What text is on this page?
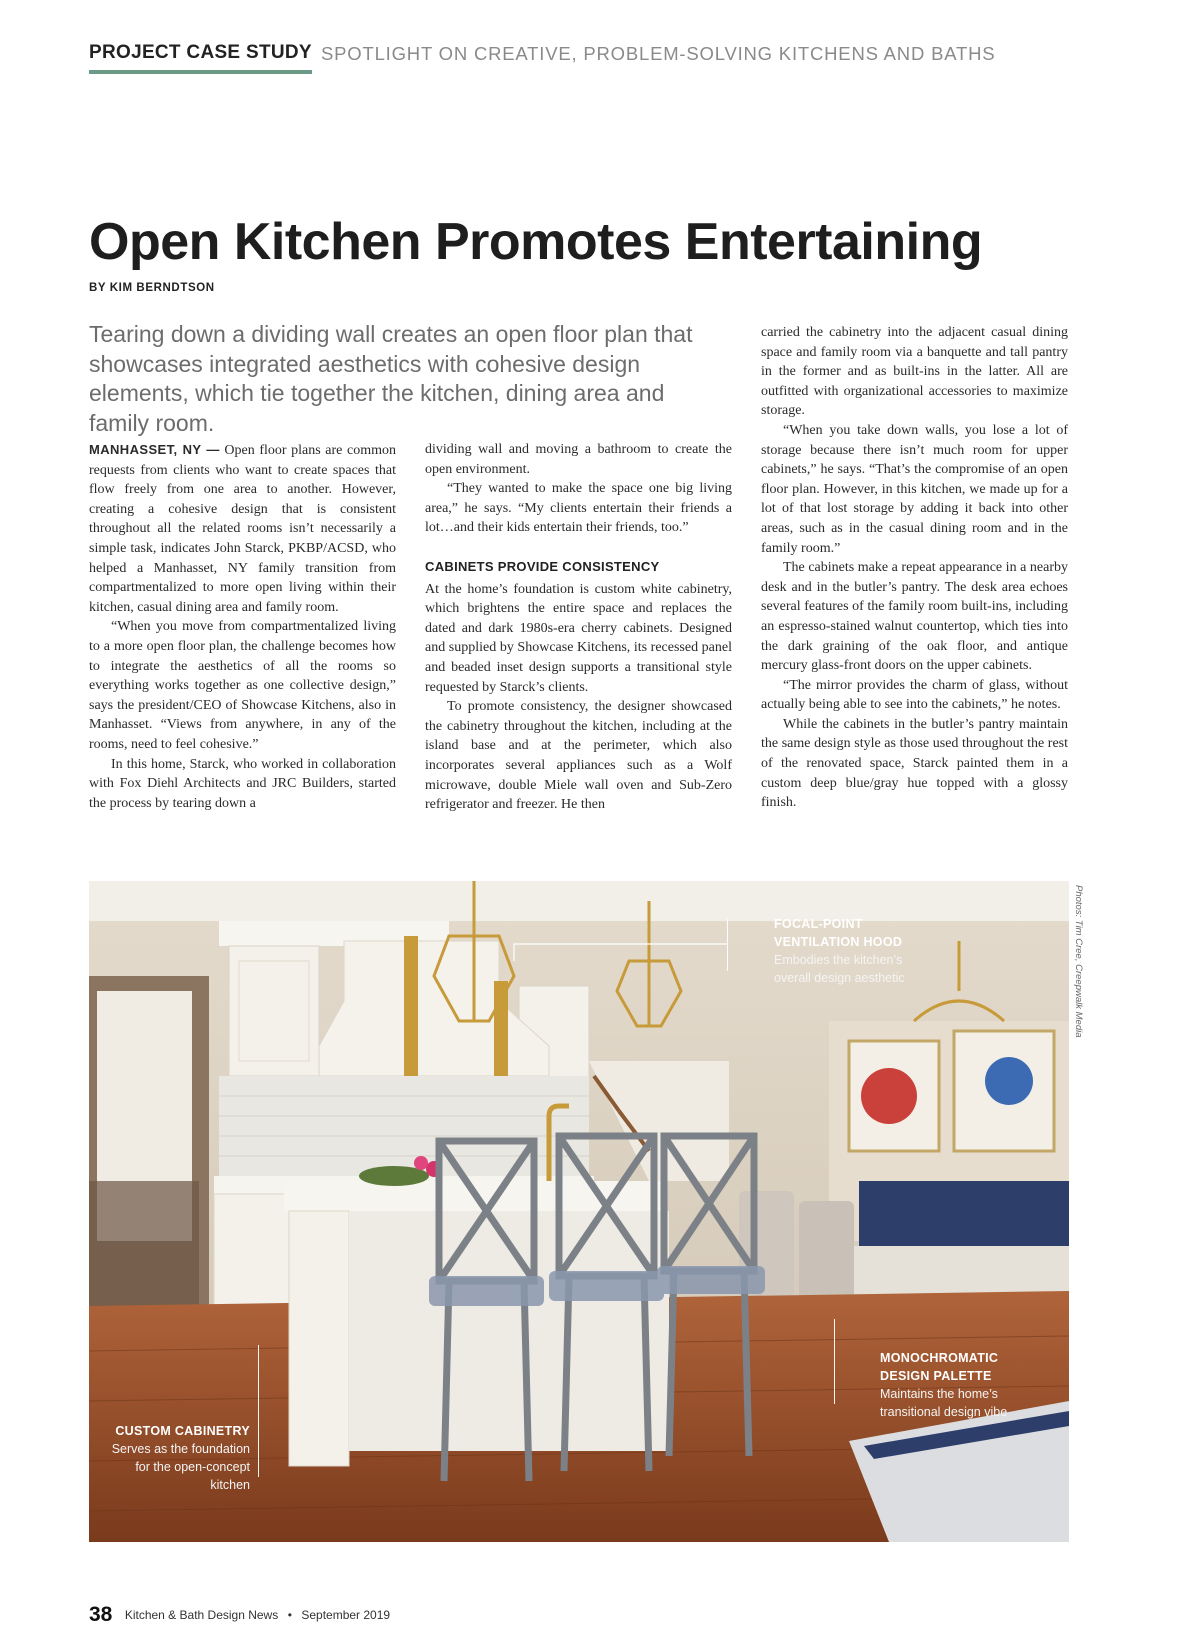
PROJECT CASE STUDY SPOTLIGHT ON CREATIVE, PROBLEM-SOLVING KITCHENS AND BATHS
Open Kitchen Promotes Entertaining
BY KIM BERNDTSON

Tearing down a dividing wall creates an open floor plan that showcases integrated aesthetics with cohesive design elements, which tie together the kitchen, dining area and family room.

MANHASSET, NY — Open floor plans are common requests from clients who want to create spaces that flow freely from one area to another. However, creating a cohesive design that is consistent throughout all the related rooms isn’t necessarily a simple task, indicates John Starck, PKBP/ACSD, who helped a Manhasset, NY family transition from compartmentalized to more open living within their kitchen, casual dining area and family room.

“When you move from compartmentalized living to a more open floor plan, the challenge becomes how to integrate the aesthetics of all the rooms so everything works together as one collective design,” says the president/CEO of Showcase Kitchens, also in Manhasset. “Views from anywhere, in any of the rooms, need to feel cohesive.”

In this home, Starck, who worked in collaboration with Fox Diehl Architects and JRC Builders, started the process by tearing down a

dividing wall and moving a bathroom to create the open environment.

“They wanted to make the space one big living area,” he says. “My clients entertain their friends a lot…and their kids entertain their friends, too.”

CABINETS PROVIDE CONSISTENCY

At the home’s foundation is custom white cabinetry, which brightens the entire space and replaces the dated and dark 1980s-era cherry cabinets. Designed and supplied by Showcase Kitchens, its recessed panel and beaded inset design supports a transitional style requested by Starck’s clients.

To promote consistency, the designer showcased the cabinetry throughout the kitchen, including at the island base and at the perimeter, which also incorporates several appliances such as a Wolf microwave, double Miele wall oven and Sub-Zero refrigerator and freezer. He then

carried the cabinetry into the adjacent casual dining space and family room via a banquette and tall pantry in the former and as built-ins in the latter. All are outfitted with organizational accessories to maximize storage.

“When you take down walls, you lose a lot of storage because there isn’t much room for upper cabinets,” he says. “That’s the compromise of an open floor plan. However, in this kitchen, we made up for a lot of that lost storage by adding it back into other areas, such as in the casual dining room and in the family room.”

The cabinets make a repeat appearance in a nearby desk and in the butler’s pantry. The desk area echoes several features of the family room built-ins, including an espresso-stained walnut countertop, which ties into the dark graining of the oak floor, and antique mercury glass-front doors on the upper cabinets.

“The mirror provides the charm of glass, without actually being able to see into the cabinets,” he notes.

While the cabinets in the butler’s pantry maintain the same design style as those used throughout the rest of the renovated space, Starck painted them in a custom deep blue/gray hue topped with a glossy finish.

Photos: Tim Cree, Creepwalk Media
FOCAL-POINT
VENTILATION HOOD
Embodies the kitchen’s
overall design aesthetic
MONOCHROMATIC
DESIGN PALETTE
Maintains the home’s
transitional design vibe
CUSTOM CABINETRY
Serves as the foundation
for the open-concept
kitchen
38 Kitchen & Bath Design News • September 2019
